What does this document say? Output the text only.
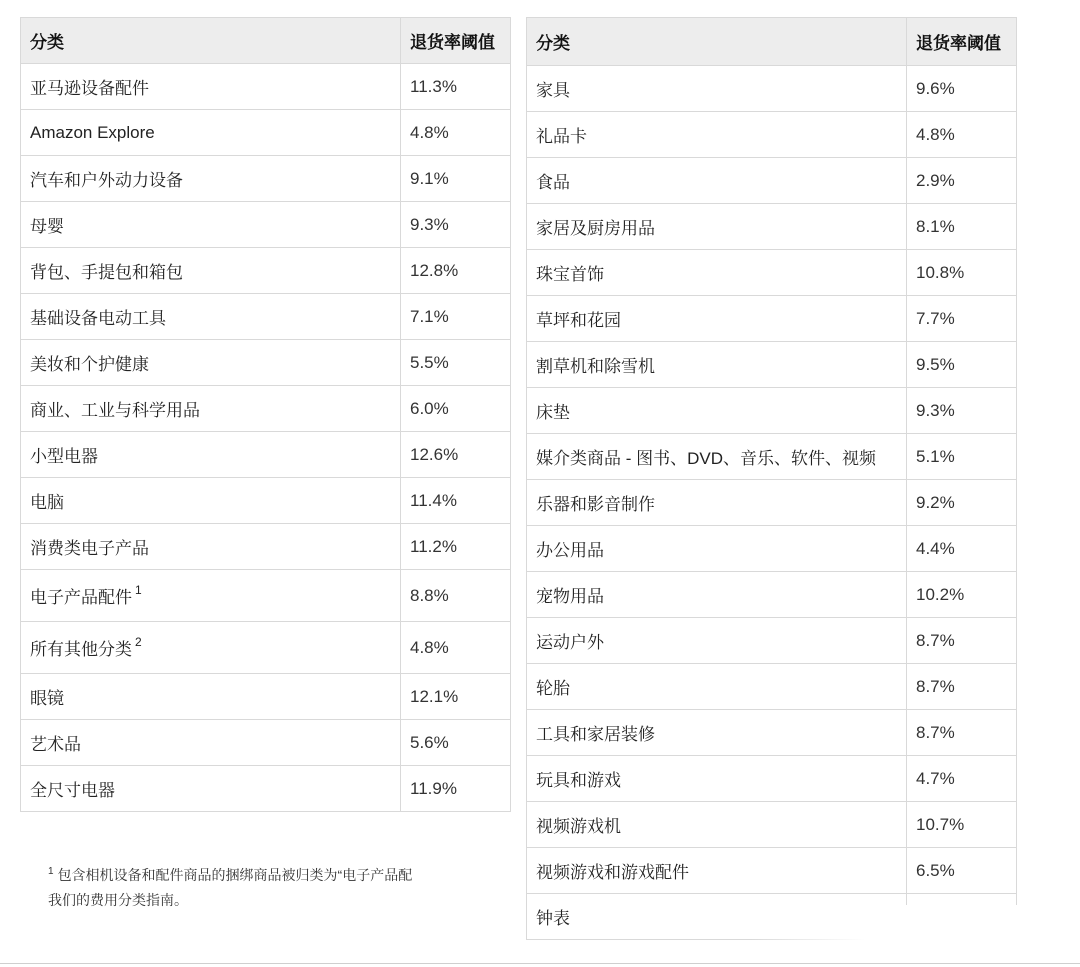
分类	退货率阈值
亚马逊设备配件	11.3%
Amazon Explore	4.8%
汽车和户外动力设备	9.1%
母婴	9.3%
背包、手提包和箱包	12.8%
基础设备电动工具	7.1%
美妆和个护健康	5.5%
商业、工业与科学用品	6.0%
小型电器	12.6%
电脑	11.4%
消费类电子产品	11.2%
电子产品配件 $^1$	8.8%
所有其他分类 $^2$	4.8%
眼镜	12.1%
艺术品	5.6%
全尺寸电器	11.9%
分类	退货率阈值
家具	9.6%
礼品卡	4.8%
食品	2.9%
家居及厨房用品	8.1%
珠宝首饰	10.8%
草坪和花园	7.7%
割草机和除雪机	9.5%
床垫	9.3%
媒介类商品 - 图书、DVD、音乐、软件、视频	5.1%
乐器和影音制作	9.2%
办公用品	4.4%
宠物用品	10.2%
运动户外	8.7%
轮胎	8.7%
工具和家居装修	8.7%
玩具和游戏	4.7%
视频游戏机	10.7%
视频游戏和游戏配件	6.5%
钟表	
$^1$ 包含相机设备和配件商品的捆绑商品被归类为“电子产品配
我们的费用分类指南。
